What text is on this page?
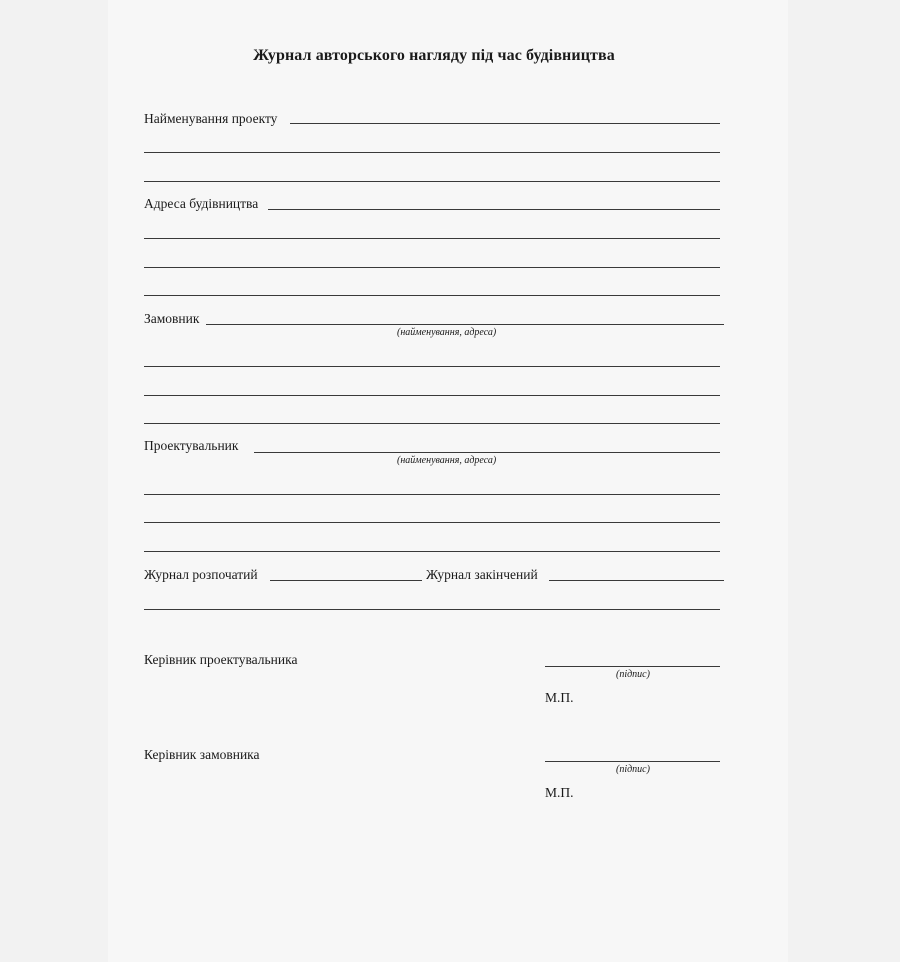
Журнал авторського нагляду під час будівництва
Найменування проекту
Адреса будівництва
Замовник
(найменування, адреса)
Проектувальник
(найменування, адреса)
Журнал розпочатий	Журнал закінчений
Керівник проектувальника
(підпис)
М.П.
Керівник замовника
(підпис)
М.П.
